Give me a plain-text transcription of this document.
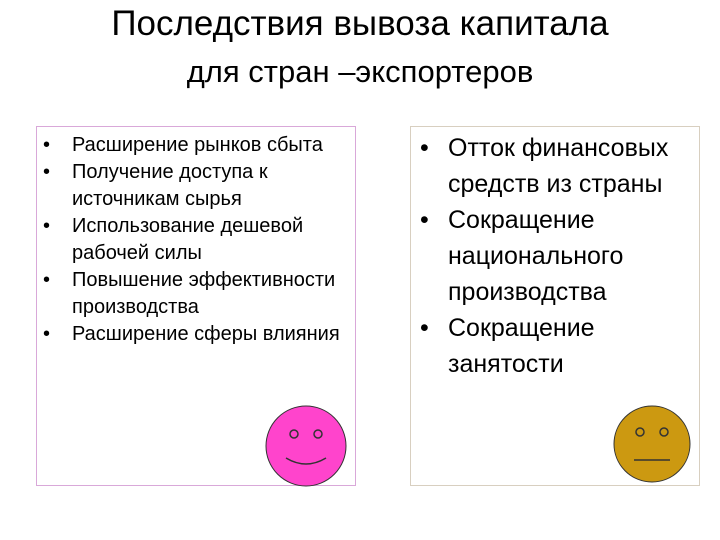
Последствия вывоза капитала
для стран –экспортеров
• Расширение рынков сбыта
• Получение доступа к источникам сырья
• Использование дешевой рабочей силы
• Повышение эффективности производства
• Расширение сферы влияния
• Отток финансовых средств из страны
• Сокращение национального производства
• Сокращение занятости
